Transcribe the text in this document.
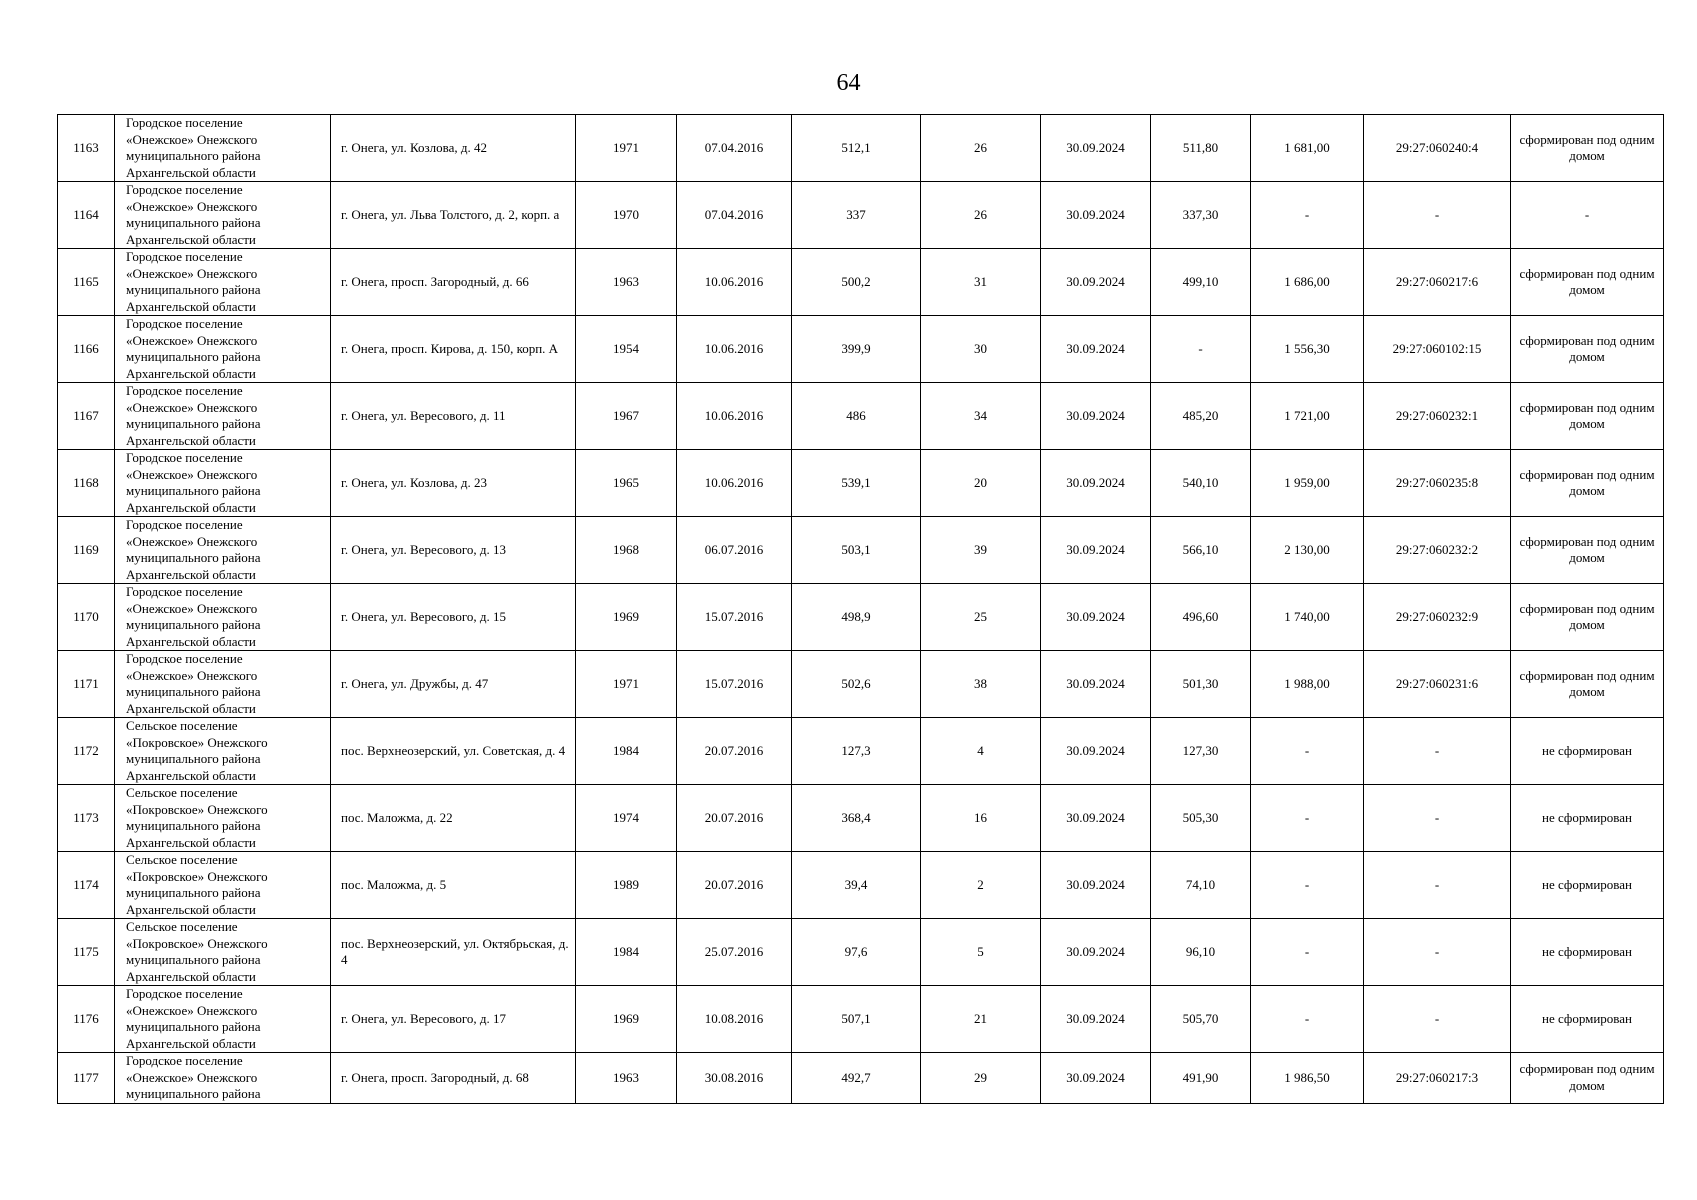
64
1163	Городское поселение
«Онежское» Онежского
муниципального района
Архангельской области	г. Онега, ул. Козлова, д. 42	1971	07.04.2016	512,1	26	30.09.2024	511,80	1 681,00	29:27:060240:4	сформирован под одним домом
1164	Городское поселение
«Онежское» Онежского
муниципального района
Архангельской области	г. Онега, ул. Льва Толстого, д. 2, корп. а	1970	07.04.2016	337	26	30.09.2024	337,30	-	-	-
1165	Городское поселение
«Онежское» Онежского
муниципального района
Архангельской области	г. Онега, просп. Загородный, д. 66	1963	10.06.2016	500,2	31	30.09.2024	499,10	1 686,00	29:27:060217:6	сформирован под одним домом
1166	Городское поселение
«Онежское» Онежского
муниципального района
Архангельской области	г. Онега, просп. Кирова, д. 150, корп. А	1954	10.06.2016	399,9	30	30.09.2024	-	1 556,30	29:27:060102:15	сформирован под одним домом
1167	Городское поселение
«Онежское» Онежского
муниципального района
Архангельской области	г. Онега, ул. Вересового, д. 11	1967	10.06.2016	486	34	30.09.2024	485,20	1 721,00	29:27:060232:1	сформирован под одним домом
1168	Городское поселение
«Онежское» Онежского
муниципального района
Архангельской области	г. Онега, ул. Козлова, д. 23	1965	10.06.2016	539,1	20	30.09.2024	540,10	1 959,00	29:27:060235:8	сформирован под одним домом
1169	Городское поселение
«Онежское» Онежского
муниципального района
Архангельской области	г. Онега, ул. Вересового, д. 13	1968	06.07.2016	503,1	39	30.09.2024	566,10	2 130,00	29:27:060232:2	сформирован под одним домом
1170	Городское поселение
«Онежское» Онежского
муниципального района
Архангельской области	г. Онега, ул. Вересового, д. 15	1969	15.07.2016	498,9	25	30.09.2024	496,60	1 740,00	29:27:060232:9	сформирован под одним домом
1171	Городское поселение
«Онежское» Онежского
муниципального района
Архангельской области	г. Онега, ул. Дружбы, д. 47	1971	15.07.2016	502,6	38	30.09.2024	501,30	1 988,00	29:27:060231:6	сформирован под одним домом
1172	Сельское поселение
«Покровское» Онежского
муниципального района
Архангельской области	пос. Верхнеозерский, ул. Советская, д. 4	1984	20.07.2016	127,3	4	30.09.2024	127,30	-	-	не сформирован
1173	Сельское поселение
«Покровское» Онежского
муниципального района
Архангельской области	пос. Маложма, д. 22	1974	20.07.2016	368,4	16	30.09.2024	505,30	-	-	не сформирован
1174	Сельское поселение
«Покровское» Онежского
муниципального района
Архангельской области	пос. Маложма, д. 5	1989	20.07.2016	39,4	2	30.09.2024	74,10	-	-	не сформирован
1175	Сельское поселение
«Покровское» Онежского
муниципального района
Архангельской области	пос. Верхнеозерский, ул. Октябрьская, д. 4	1984	25.07.2016	97,6	5	30.09.2024	96,10	-	-	не сформирован
1176	Городское поселение
«Онежское» Онежского
муниципального района
Архангельской области	г. Онега, ул. Вересового, д. 17	1969	10.08.2016	507,1	21	30.09.2024	505,70	-	-	не сформирован
1177	Городское поселение
«Онежское» Онежского
муниципального района	г. Онега, просп. Загородный, д. 68	1963	30.08.2016	492,7	29	30.09.2024	491,90	1 986,50	29:27:060217:3	сформирован под одним домом
